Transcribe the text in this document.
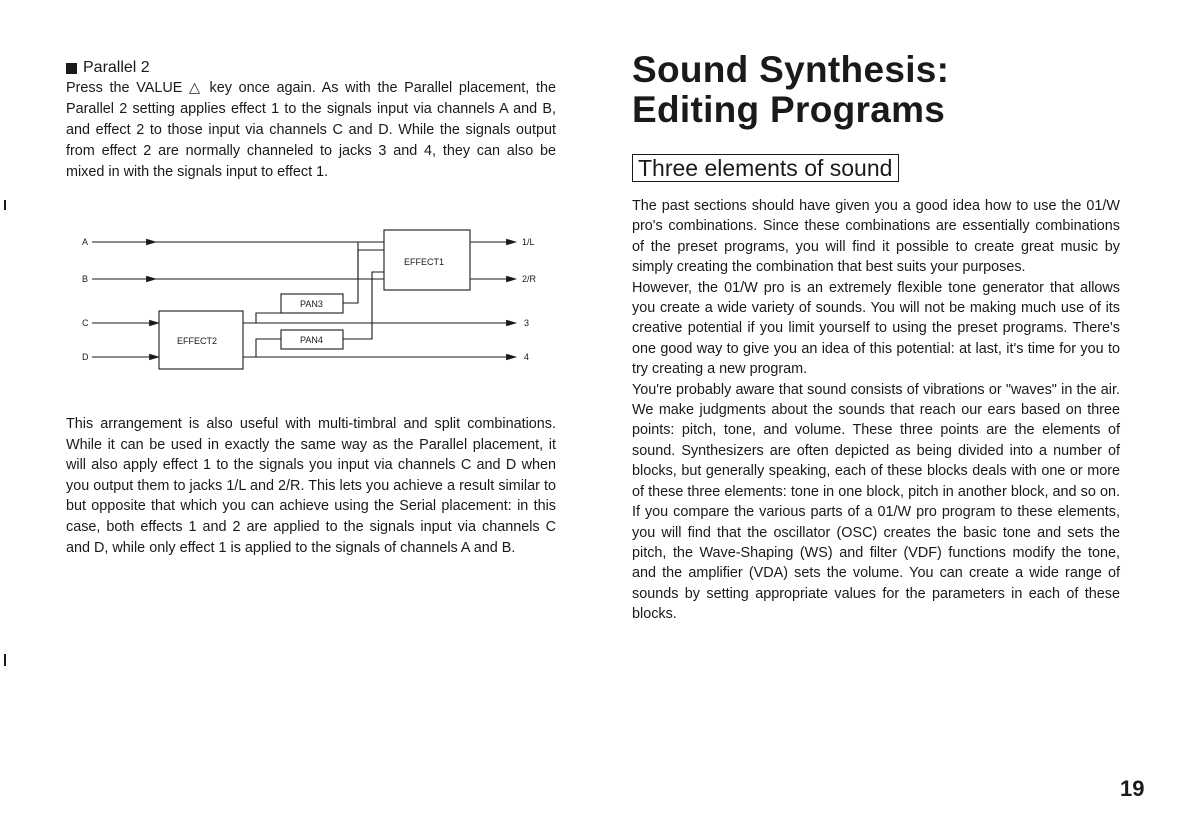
Parallel 2

Press the VALUE △ key once again. As with the Parallel placement, the Parallel 2 setting applies effect 1 to the signals input via channels A and B, and effect 2 to those input via channels C and D. While the signals output from effect 2 are normally channeled to jacks 3 and 4, they can also be mixed in with the signals input to effect 1.

A
B
C
D
1/L
2/R
3
4
EFFECT1
EFFECT2
PAN3
PAN4

This arrangement is also useful with multi-timbral and split combinations. While it can be used in exactly the same way as the Parallel placement, it will also apply effect 1 to the signals you input via channels C and D when you output them to jacks 1/L and 2/R. This lets you achieve a result similar to but opposite that which you can achieve using the Serial placement: in this case, both effects 1 and 2 are applied to the signals input via channels C and D, while only effect 1 is applied to the signals of channels A and B.

Sound Synthesis:
Editing Programs
Three elements of sound

The past sections should have given you a good idea how to use the 01/W pro's combinations. Since these combinations are essentially combinations of the preset programs, you will find it possible to create great music by simply creating the combination that best suits your purposes.

However, the 01/W pro is an extremely flexible tone generator that allows you create a wide variety of sounds. You will not be making much use of its creative potential if you limit yourself to using the preset programs. There's one good way to give you an idea of this potential: at last, it's time for you to try creating a new program.

You're probably aware that sound consists of vibrations or "waves" in the air. We make judgments about the sounds that reach our ears based on three points: pitch, tone, and volume. These three points are the elements of sound. Synthesizers are often depicted as being divided into a number of blocks, but generally speaking, each of these blocks deals with one or more of these three elements: tone in one block, pitch in another block, and so on. If you compare the various parts of a 01/W pro program to these elements, you will find that the oscillator (OSC) creates the basic tone and sets the pitch, the Wave-Shaping (WS) and filter (VDF) functions modify the tone, and the amplifier (VDA) sets the volume. You can create a wide range of sounds by setting appropriate values for the parameters in each of these blocks.

19
